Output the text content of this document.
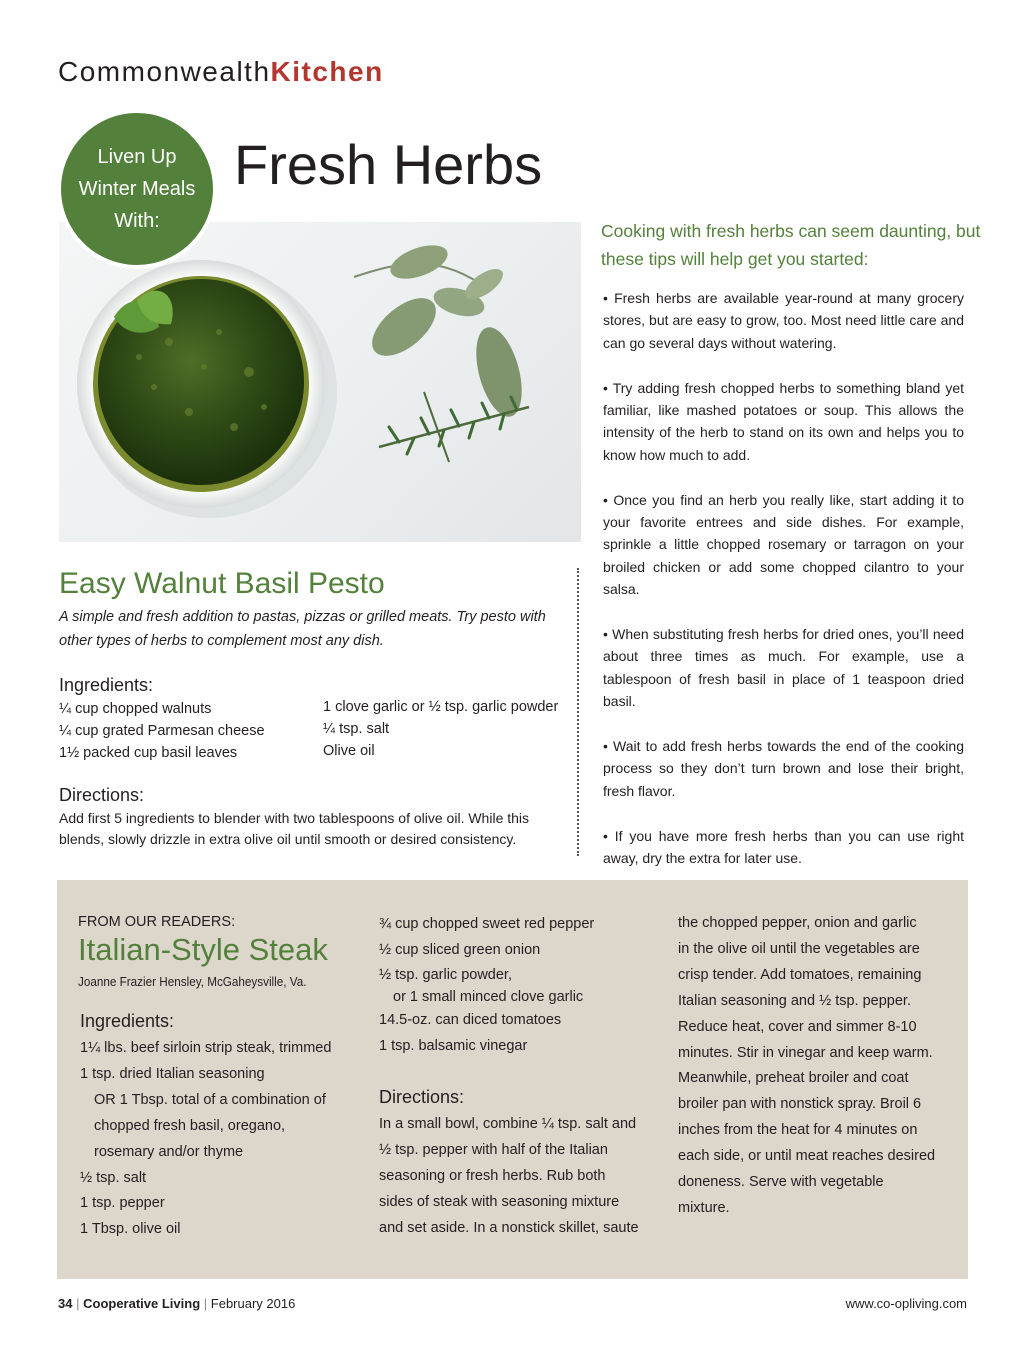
CommonwealthKitchen
Liven Up
Winter Meals
With:
Fresh Herbs
Cooking with fresh herbs can seem daunting, but these tips will help get you started:

• Fresh herbs are available year-round at many grocery stores, but are easy to grow, too. Most need little care and can go several days without watering.

• Try adding fresh chopped herbs to something bland yet familiar, like mashed potatoes or soup. This allows the intensity of the herb to stand on its own and helps you to know how much to add.

• Once you find an herb you really like, start adding it to your favorite entrees and side dishes. For example, sprinkle a little chopped rosemary or tarragon on your broiled chicken or add some chopped cilantro to your salsa.

• When substituting fresh herbs for dried ones, you’ll need about three times as much. For example, use a tablespoon of fresh basil in place of 1 teaspoon dried basil.

• Wait to add fresh herbs towards the end of the cooking process so they don’t turn brown and lose their bright, fresh flavor.

• If you have more fresh herbs than you can use right away, dry the extra for later use.

Easy Walnut Basil Pesto
A simple and fresh addition to pastas, pizzas or grilled meats. Try pesto with other types of herbs to complement most any dish.
Ingredients:
¼ cup chopped walnuts
¼ cup grated Parmesan cheese
1½ packed cup basil leaves
1 clove garlic or ½ tsp. garlic powder
¼ tsp. salt
Olive oil
Directions:
Add first 5 ingredients to blender with two tablespoons of olive oil. While this blends, slowly drizzle in extra olive oil until smooth or desired consistency.
FROM OUR READERS:
Italian-Style Steak
Joanne Frazier Hensley, McGaheysville, Va.
Ingredients:
1¼ lbs. beef sirloin strip steak, trimmed
1 tsp. dried Italian seasoning
OR 1 Tbsp. total of a combination of
chopped fresh basil, oregano,
rosemary and/or thyme
½ tsp. salt
1 tsp. pepper
1 Tbsp. olive oil
¾ cup chopped sweet red pepper
½ cup sliced green onion
½ tsp. garlic powder,
or 1 small minced clove garlic
14.5-oz. can diced tomatoes
1 tsp. balsamic vinegar
Directions:
In a small bowl, combine ¼ tsp. salt and
½ tsp. pepper with half of the Italian
seasoning or fresh herbs. Rub both
sides of steak with seasoning mixture
and set aside. In a nonstick skillet, saute
the chopped pepper, onion and garlic
in the olive oil until the vegetables are
crisp tender. Add tomatoes, remaining
Italian seasoning and ½ tsp. pepper.
Reduce heat, cover and simmer 8-10
minutes. Stir in vinegar and keep warm.
Meanwhile, preheat broiler and coat
broiler pan with nonstick spray. Broil 6
inches from the heat for 4 minutes on
each side, or until meat reaches desired
doneness. Serve with vegetable
mixture.
34 | Cooperative Living | February 2016	www.co-opliving.com
